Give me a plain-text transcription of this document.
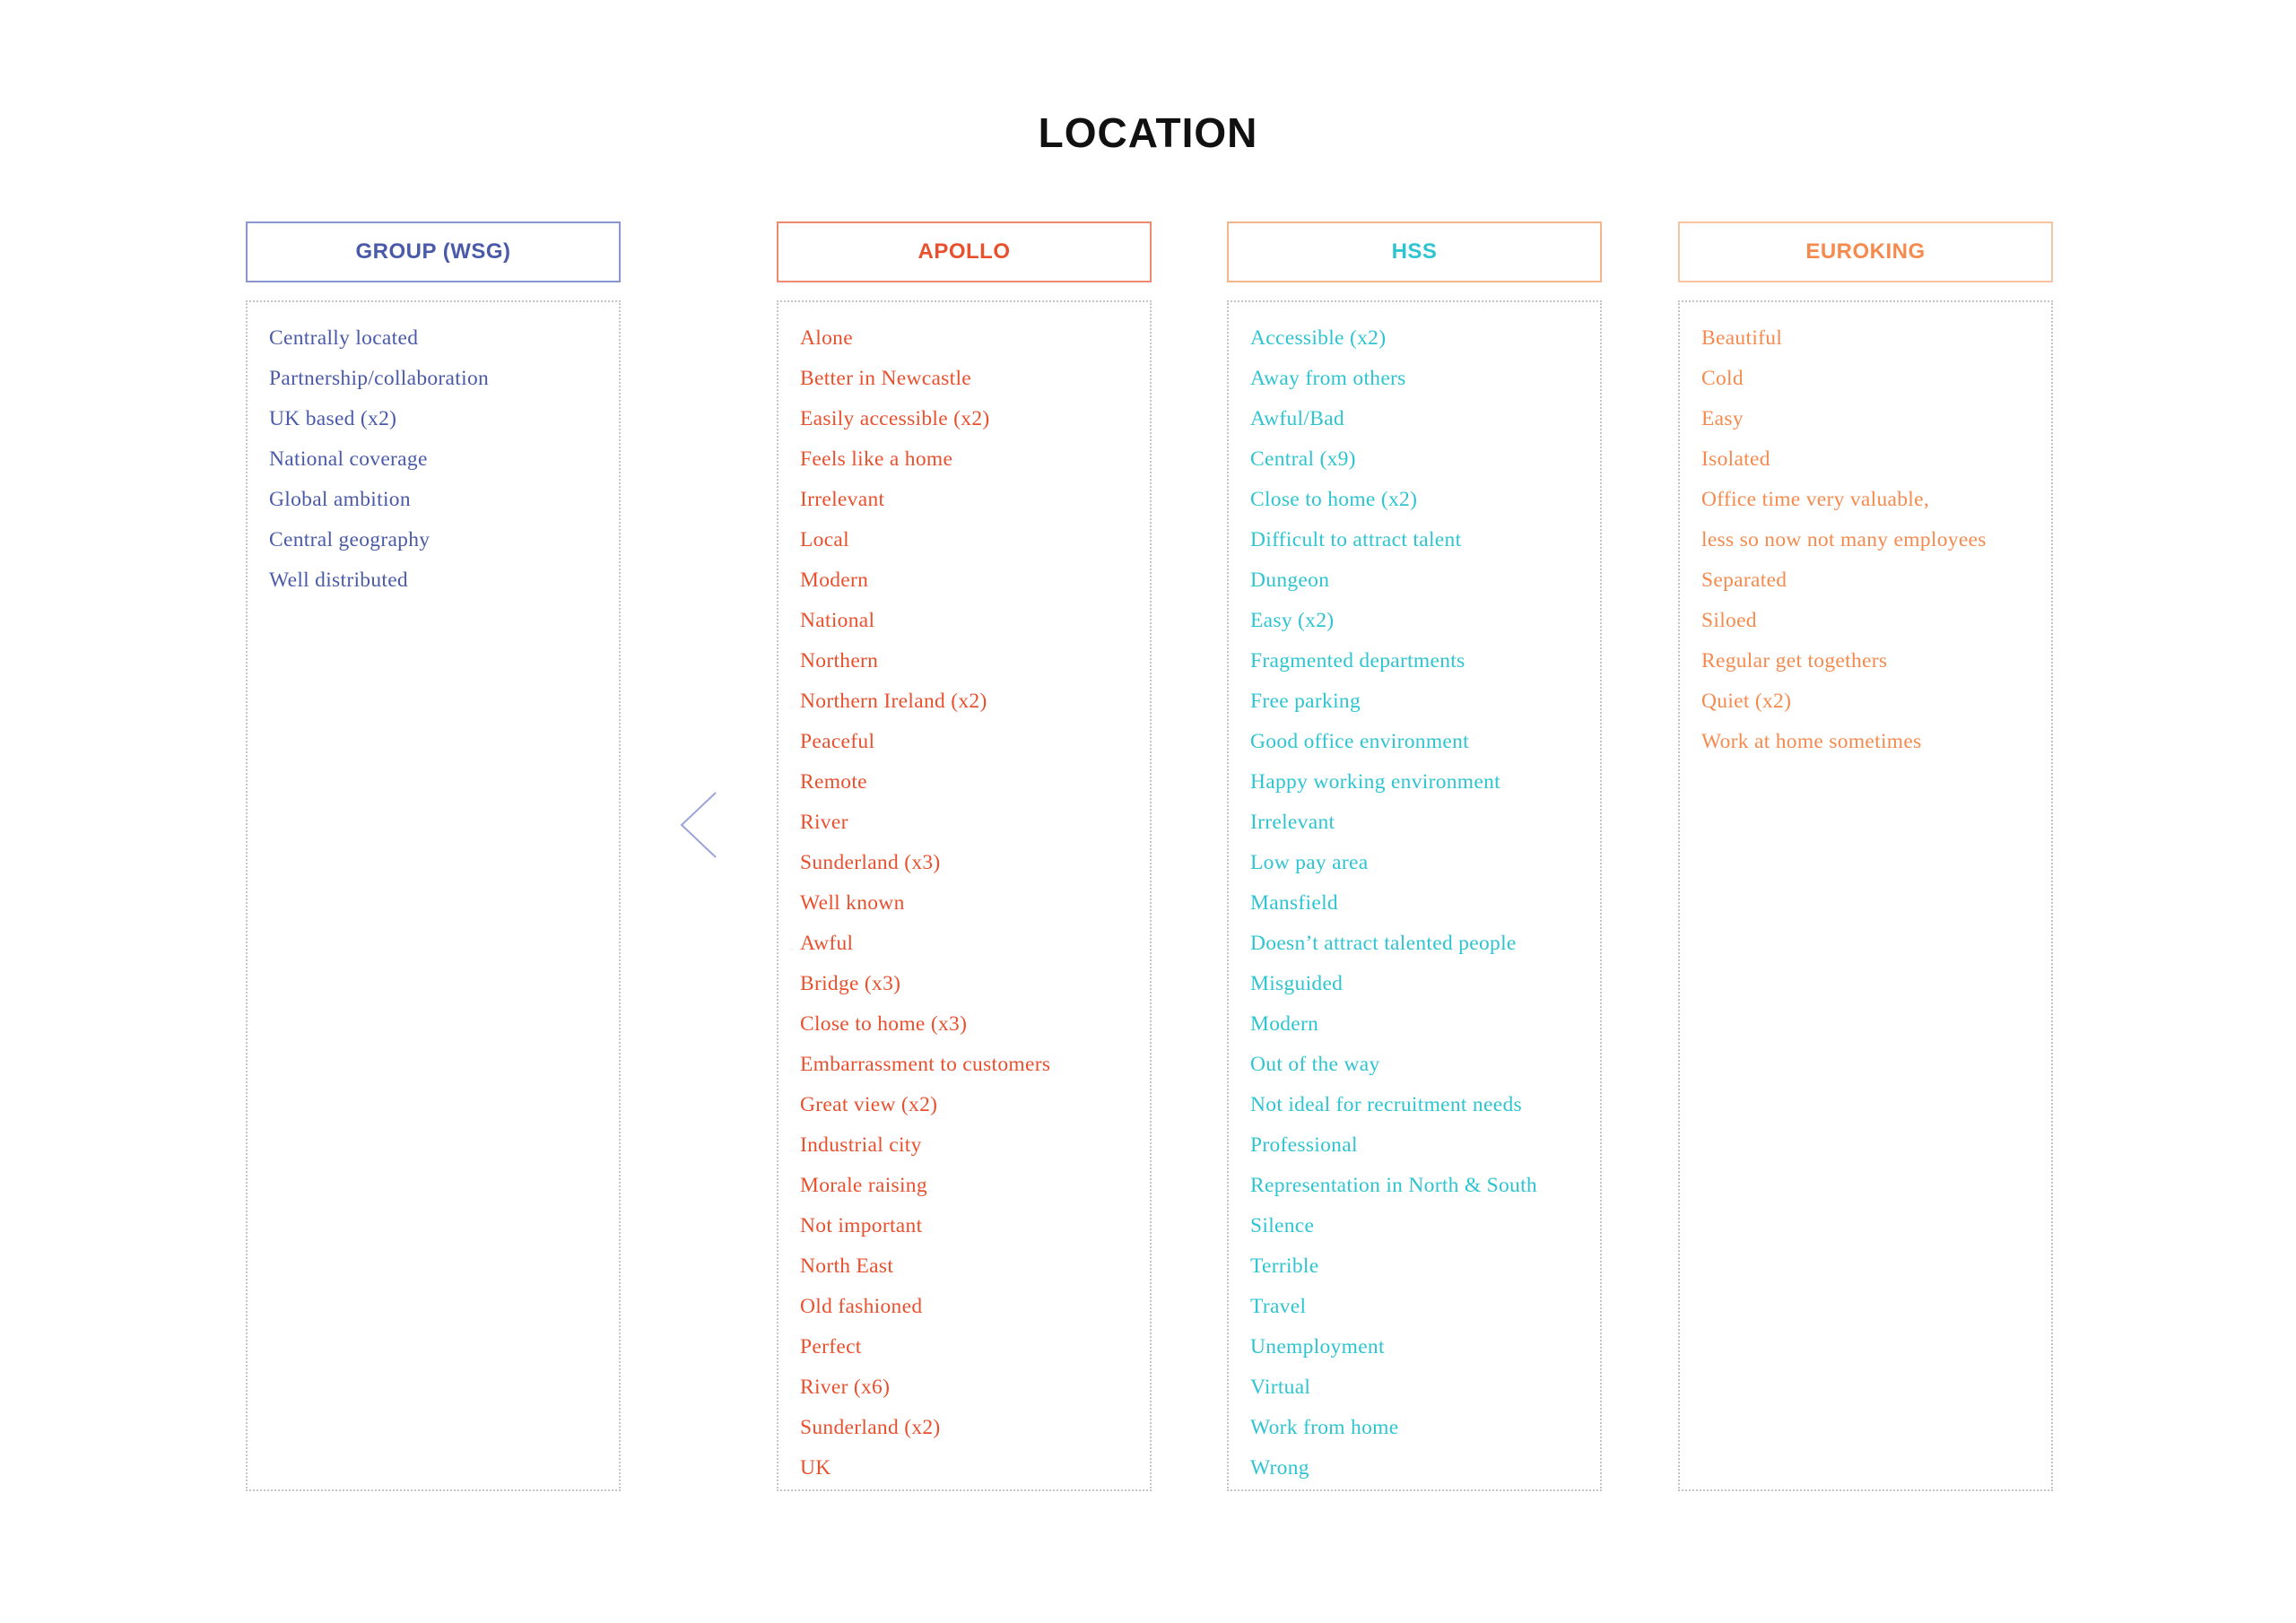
LOCATION
GROUP (WSG)
Centrally located
Partnership/collaboration
UK based (x2)
National coverage
Global ambition
Central geography
Well distributed
APOLLO
Alone
Better in Newcastle
Easily accessible (x2)
Feels like a home
Irrelevant
Local
Modern
National
Northern
Northern Ireland (x2)
Peaceful
Remote
River
Sunderland (x3)
Well known
Awful
Bridge (x3)
Close to home (x3)
Embarrassment to customers
Great view (x2)
Industrial city
Morale raising
Not important
North East
Old fashioned
Perfect
River (x6)
Sunderland (x2)
UK
HSS
Accessible (x2)
Away from others
Awful/Bad
Central (x9)
Close to home (x2)
Difficult to attract talent
Dungeon
Easy (x2)
Fragmented departments
Free parking
Good office environment
Happy working environment
Irrelevant
Low pay area
Mansfield
Doesn’t attract talented people
Misguided
Modern
Out of the way
Not ideal for recruitment needs
Professional
Representation in North & South
Silence
Terrible
Travel
Unemployment
Virtual
Work from home
Wrong
EUROKING
Beautiful
Cold
Easy
Isolated
Office time very valuable,
less so now not many employees
Separated
Siloed
Regular get togethers
Quiet (x2)
Work at home sometimes
